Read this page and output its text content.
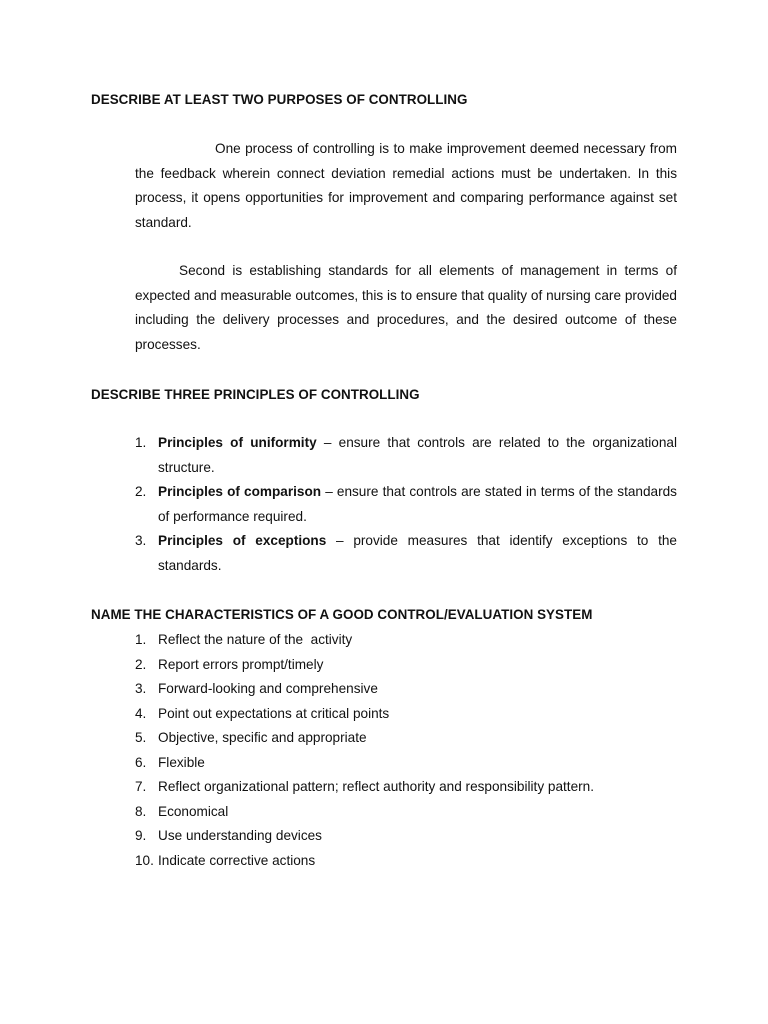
DESCRIBE AT LEAST TWO PURPOSES OF CONTROLLING

One process of controlling is to make improvement deemed necessary from the feedback wherein connect deviation remedial actions must be undertaken. In this process, it opens opportunities for improvement and comparing performance against set standard.

Second is establishing standards for all elements of management in terms of expected and measurable outcomes, this is to ensure that quality of nursing care provided including the delivery processes and procedures, and the desired outcome of these processes.

DESCRIBE THREE PRINCIPLES OF CONTROLLING
1. Principles of uniformity – ensure that controls are related to the organizational structure.
2. Principles of comparison – ensure that controls are stated in terms of the standards of performance required.
3. Principles of exceptions – provide measures that identify exceptions to the standards.
NAME THE CHARACTERISTICS OF A GOOD CONTROL/EVALUATION SYSTEM
1. Reflect the nature of the  activity
2. Report errors prompt/timely
3. Forward-looking and comprehensive
4. Point out expectations at critical points
5. Objective, specific and appropriate
6. Flexible
7. Reflect organizational pattern; reflect authority and responsibility pattern.
8. Economical
9. Use understanding devices
10. Indicate corrective actions
